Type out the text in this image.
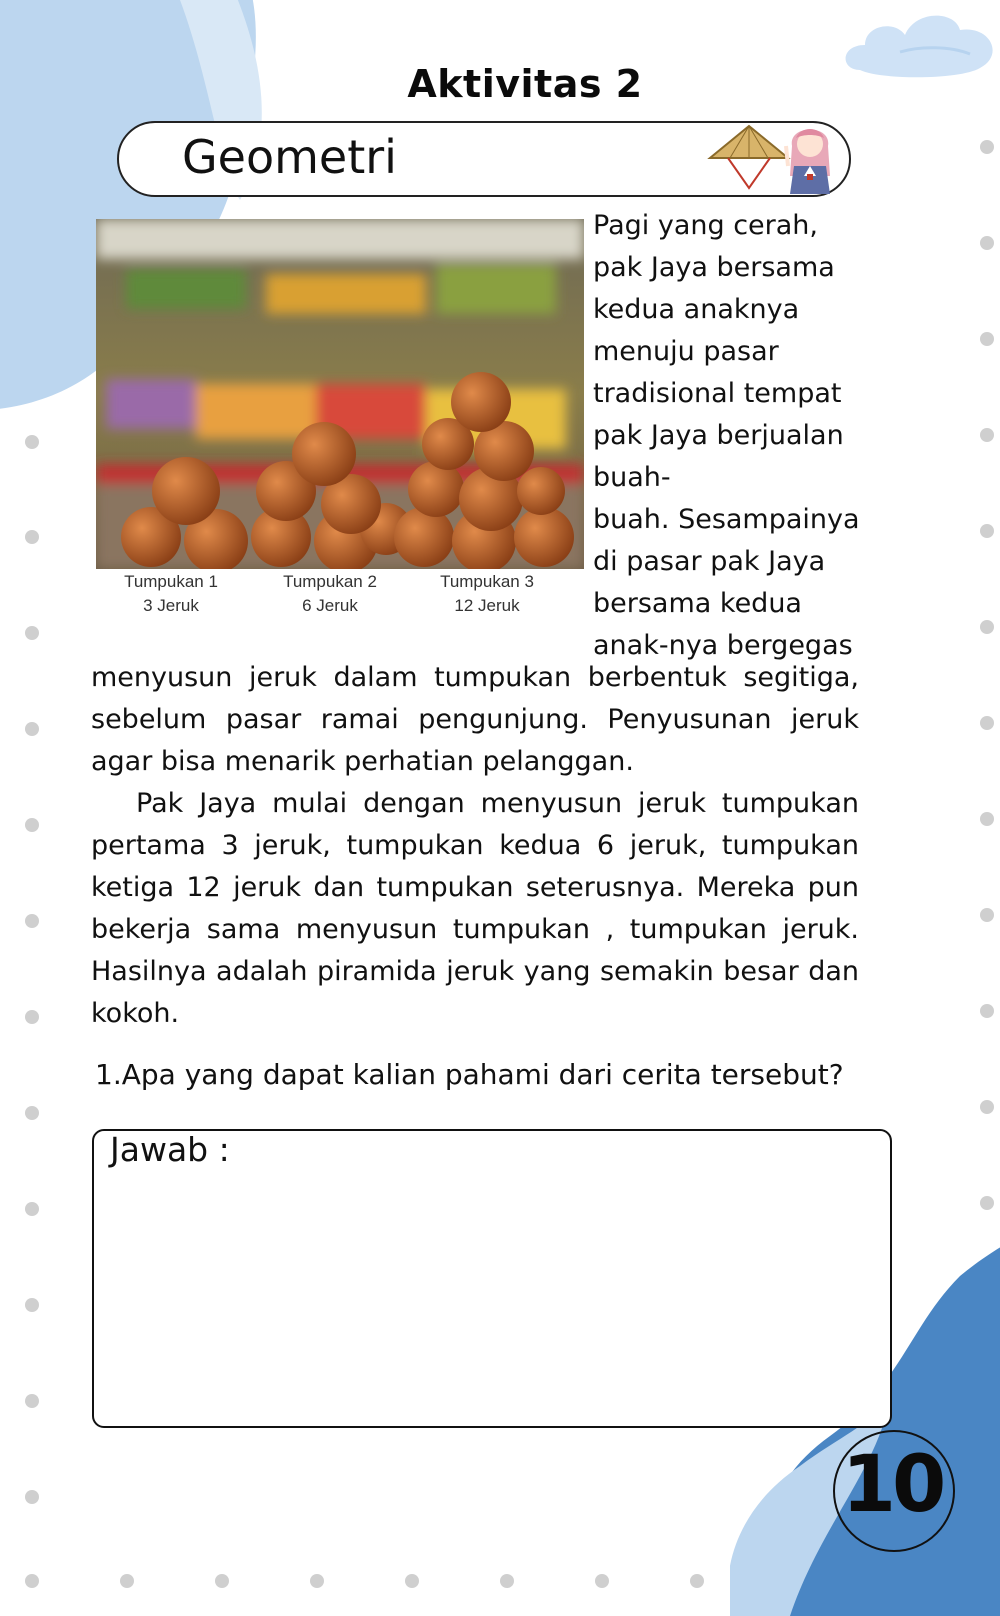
Aktivitas 2
Geometri
Tumpukan 1
3 Jeruk
Tumpukan 2
6 Jeruk
Tumpukan 3
12 Jeruk
Pagi yang cerah,
pak Jaya bersama
kedua anaknya
menuju pasar
tradisional tempat
pak Jaya berjualan
buah-
buah. Sesampainya
di pasar pak Jaya
bersama kedua
anak-nya bergegas

menyusun jeruk dalam tumpukan berbentuk segitiga, sebelum pasar ramai pengunjung. Penyusunan jeruk agar bisa menarik perhatian pelanggan.

Pak Jaya mulai dengan menyusun jeruk tumpukan pertama 3 jeruk, tumpukan kedua 6 jeruk, tumpukan ketiga 12 jeruk dan tumpukan seterusnya. Mereka pun bekerja sama menyusun tumpukan , tumpukan jeruk. Hasilnya adalah piramida jeruk yang semakin besar dan kokoh.

1.Apa yang dapat kalian pahami dari cerita tersebut?
Jawab :
10
